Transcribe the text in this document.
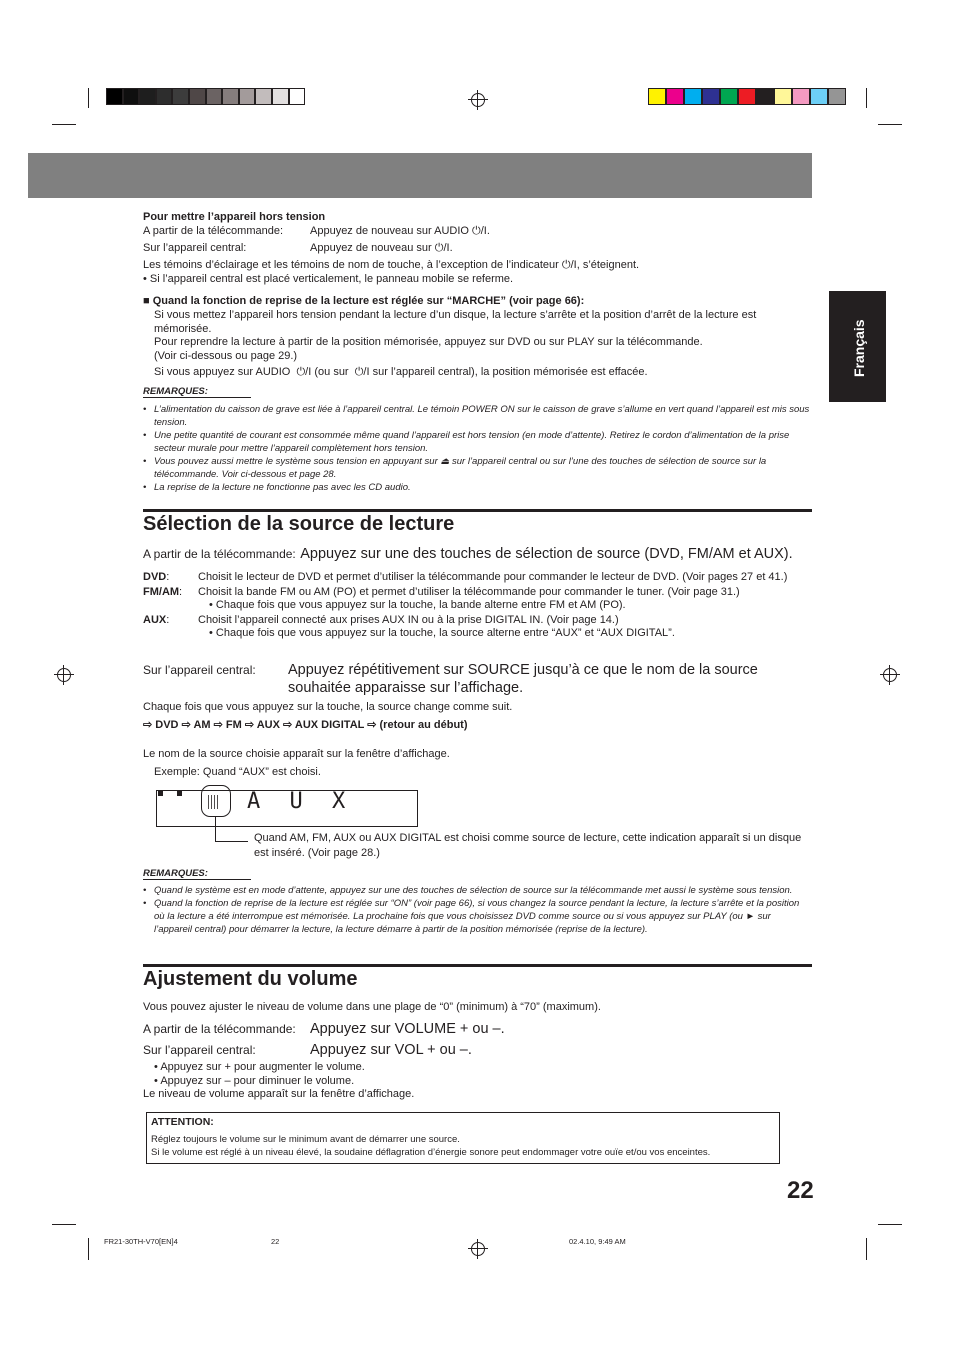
Français
Pour mettre l’appareil hors tension
A partir de la télécommande: Appuyez de nouveau sur AUDIO ⏻/I.
Sur l’appareil central:	Appuyez de nouveau sur ⏻/I.
Les témoins d’éclairage et les témoins de nom de touche, à l’exception de l’indicateur ⏻/I, s’éteignent.
• Si l’appareil central est placé verticalement, le panneau mobile se referme.
■ Quand la fonction de reprise de la lecture est réglée sur “MARCHE” (voir page 66):
Si vous mettez l’appareil hors tension pendant la lecture d’un disque, la lecture s’arrête et la position d’arrêt de la lecture est mémorisée.
Pour reprendre la lecture à partir de la position mémorisée, appuyez sur DVD ou sur PLAY sur la télécommande.
(Voir ci-dessous ou page 29.)
Si vous appuyez sur AUDIO ⏻/I (ou sur ⏻/I sur l’appareil central), la position mémorisée est effacée.
REMARQUES:
• L’alimentation du caisson de grave est liée à l’appareil central. Le témoin POWER ON sur le caisson de grave s’allume en vert quand l’appareil est mis sous tension.
• Une petite quantité de courant est consommée même quand l’appareil est hors tension (en mode d’attente). Retirez le cordon d’alimentation de la prise secteur murale pour mettre l’appareil complètement hors tension.
• Vous pouvez aussi mettre le système sous tension en appuyant sur ⏏ sur l’appareil central ou sur l’une des touches de sélection de source sur la télécommande. Voir ci-dessous et page 28.
• La reprise de la lecture ne fonctionne pas avec les CD audio.
Sélection de la source de lecture
A partir de la télécommande: Appuyez sur une des touches de sélection de source (DVD, FM/AM et AUX).
DVD:	Choisit le lecteur de DVD et permet d’utiliser la télécommande pour commander le lecteur de DVD. (Voir pages 27 et 41.)
FM/AM:	Choisit la bande FM ou AM (PO) et permet d’utiliser la télécommande pour commander le tuner. (Voir page 31.)
• Chaque fois que vous appuyez sur la touche, la bande alterne entre FM et AM (PO).
AUX:	Choisit l’appareil connecté aux prises AUX IN ou à la prise DIGITAL IN. (Voir page 14.)
• Chaque fois que vous appuyez sur la touche, la source alterne entre “AUX” et “AUX DIGITAL”.
Sur l’appareil central: Appuyez répétitivement sur SOURCE jusqu’à ce que le nom de la source
souhaitée apparaisse sur l’affichage.
Chaque fois que vous appuyez sur la touche, la source change comme suit.
⇨ DVD ⇨ AM ⇨ FM ⇨ AUX ⇨ AUX DIGITAL ⇨ (retour au début)
Le nom de la source choisie apparaît sur la fenêtre d’affichage.
Exemple: Quand “AUX” est choisi.
A U X
Quand AM, FM, AUX ou AUX DIGITAL est choisi comme source de lecture, cette indication apparaît si un disque est inséré. (Voir page 28.)
REMARQUES:
• Quand le système est en mode d’attente, appuyez sur une des touches de sélection de source sur la télécommande met aussi le système sous tension.
• Quand la fonction de reprise de la lecture est réglée sur “ON” (voir page 66), si vous changez la source pendant la lecture, la lecture s’arrête et la position où la lecture a été interrompue est mémorisée. La prochaine fois que vous choisissez DVD comme source ou si vous appuyez sur PLAY (ou ► sur l’appareil central) pour démarrer la lecture, la lecture démarre à partir de la position mémorisée (reprise de la lecture).
Ajustement du volume
Vous pouvez ajuster le niveau de volume dans une plage de “0” (minimum) à “70” (maximum).
A partir de la télécommande: Appuyez sur VOLUME + ou –.
Sur l’appareil central:	Appuyez sur VOL + ou –.
• Appuyez sur + pour augmenter le volume.
• Appuyez sur – pour diminuer le volume.
Le niveau de volume apparaît sur la fenêtre d’affichage.
ATTENTION:
Réglez toujours le volume sur le minimum avant de démarrer une source.
Si le volume est réglé à un niveau élevé, la soudaine déflagration d’énergie sonore peut endommager votre ouïe et/ou vos enceintes.
22
FR21-30TH-V70[EN]4	22	02.4.10, 9:49 AM
